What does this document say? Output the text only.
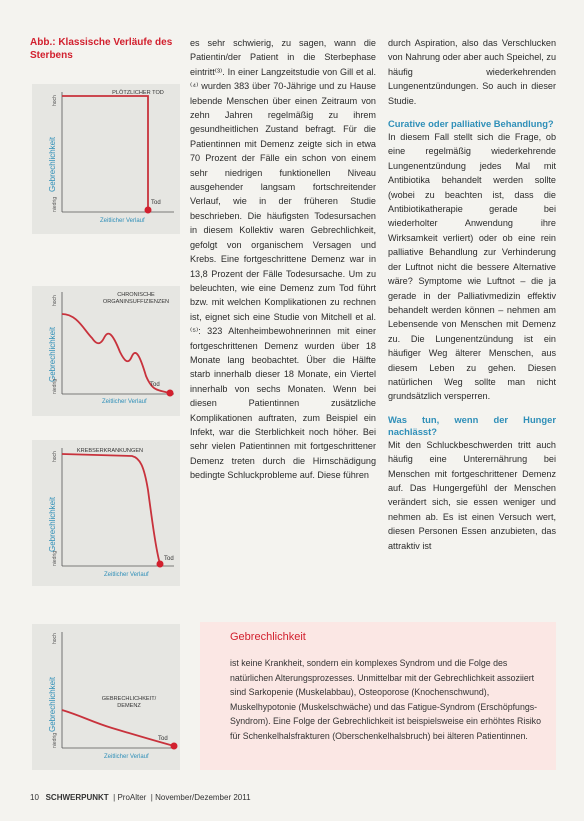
Abb.: Klassische Verläufe des Sterbens
PLÖTZLICHER TOD
Gebrechlichkeit
hoch
niedrig	Tod
Zeitlicher Verlauf
CHRONISCHE ORGANINSUFFIZIENZEN
Gebrechlichkeit
hoch
niedrig	Tod
Zeitlicher Verlauf
KREBSERKRANKUNGEN
Gebrechlichkeit
hoch
niedrig	Tod
Zeitlicher Verlauf
GEBRECHLICHKEIT/ DEMENZ
Gebrechlichkeit
hoch
niedrig	Tod
Zeitlicher Verlauf

es sehr schwierig, zu sagen, wann die Patientin/der Patient in die Sterbephase eintritt⁽³⁾. In einer Langzeitstudie von Gill et al.⁽⁴⁾ wurden 383 über 70-Jährige und zu Hause lebende Menschen über einen Zeitraum von zehn Jahren regelmäßig zu ihrem gesundheitlichen Zustand befragt. Für die Patientinnen mit Demenz zeigte sich in etwa 70 Prozent der Fälle ein schon von einem sehr niedrigen funktionellen Niveau ausgehender langsam fortschreitender Verlauf, wie in der früheren Studie beschrieben. Die häufigsten Todesursachen in diesem Kollektiv waren Gebrechlichkeit, gefolgt von organischem Versagen und Krebs. Eine fortgeschrittene Demenz war in 13,8 Prozent der Fälle Todesursache. Um zu beleuchten, wie eine Demenz zum Tod führt bzw. mit welchen Komplikationen zu rechnen ist, eignet sich eine Studie von Mitchell et al.⁽⁵⁾: 323 Altenheimbewohnerinnen mit einer fortgeschrittenen Demenz wurden über 18 Monate lang beobachtet. Über die Hälfte starb innerhalb dieser 18 Monate, ein Viertel innerhalb von sechs Monaten. Wenn bei diesen Patientinnen zusätzliche Komplikationen auftraten, zum Beispiel ein Infekt, war die Sterblichkeit noch höher. Bei sehr vielen Patientinnen mit fortgeschrittener Demenz treten durch die Hirnschädigung bedingte Schluckprobleme auf. Diese führen

durch Aspiration, also das Verschlucken von Nahrung oder aber auch Speichel, zu häufig wiederkehrenden Lungenentzündungen. So auch in dieser Studie.

Curative oder palliative Behandlung?

In diesem Fall stellt sich die Frage, ob eine regelmäßig wiederkehrende Lungenentzündung jedes Mal mit Antibiotika behandelt werden sollte (wobei zu beachten ist, dass die Antibiotikatherapie gerade bei wiederholter Anwendung ihre Wirksamkeit verliert) oder ob eine rein palliative Behandlung zur Verhinderung der Luftnot nicht die bessere Alternative wäre? Symptome wie Luftnot – die ja gerade in der Palliativmedizin effektiv behandelt werden können – nehmen am Lebensende von Menschen mit Demenz zu. Die Lungenentzündung ist ein häufiger Weg älterer Menschen, aus diesem Leben zu gehen. Diesen natürlichen Weg sollte man nicht grundsätzlich versperren.

Was tun, wenn der Hunger nachlässt?

Mit den Schluckbeschwerden tritt auch häufig eine Unterernährung bei Menschen mit fortgeschrittener Demenz auf. Das Hungergefühl der Menschen verändert sich, sie essen weniger und nehmen ab. Es ist einen Versuch wert, diesen Personen Essen anzubieten, das attraktiv ist

Gebrechlichkeit
ist keine Krankheit, sondern ein komplexes Syndrom und die Folge des natürlichen Alterungsprozesses. Unmittelbar mit der Gebrechlichkeit assoziiert sind Sarkopenie (Muskelabbau), Osteoporose (Knochenschwund), Muskelhypotonie (Muskelschwäche) und das Fatigue-Syndrom (Erschöpfungs-Syndrom). Eine Folge der Gebrechlichkeit ist beispielsweise ein erhöhtes Risiko für Schenkelhalsfrakturen (Oberschenkelhalsbruch) bei älteren Patientinnen.
10 SCHWERPUNKT  | ProAlter  | November/Dezember 2011
